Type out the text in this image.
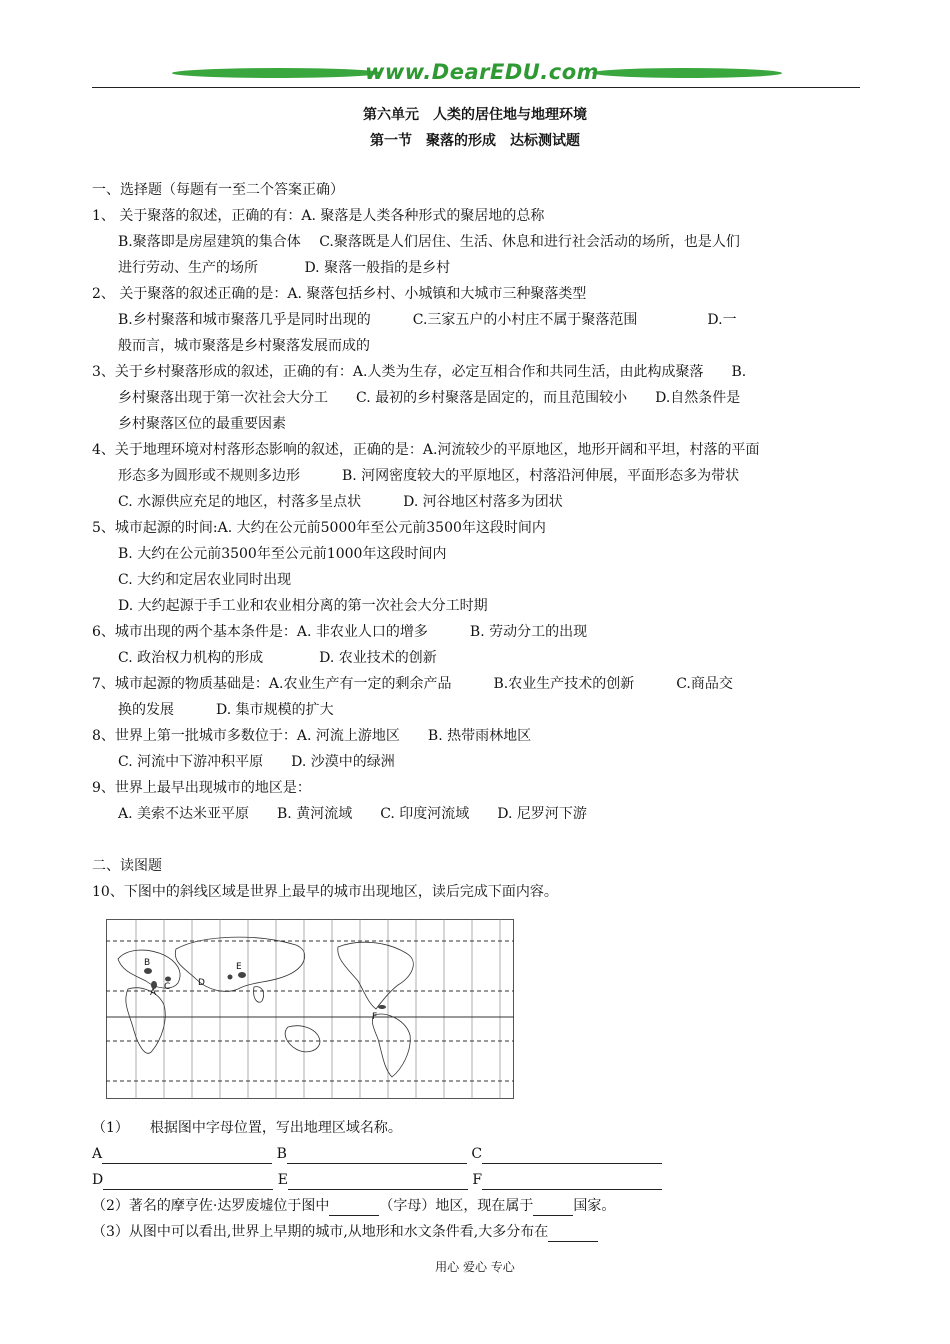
www.DearEDU.com
第六单元　人类的居住地与地理环境
第一节　聚落的形成　达标测试题
一、选择题（每题有一至二个答案正确）
1、 关于聚落的叙述，正确的有：A. 聚落是人类各种形式的聚居地的总称
B.聚落即是房屋建筑的集合体　 C.聚落既是人们居住、生活、休息和进行社会活动的场所，也是人们
进行劳动、生产的场所　　　 D. 聚落一般指的是乡村
2、 关于聚落的叙述正确的是：A. 聚落包括乡村、小城镇和大城市三种聚落类型
B.乡村聚落和城市聚落几乎是同时出现的　　　C.三家五户的小村庄不属于聚落范围　　　　　D.一
般而言，城市聚落是乡村聚落发展而成的
3、关于乡村聚落形成的叙述，正确的有：A.人类为生存，必定互相合作和共同生活，由此构成聚落　　B.
乡村聚落出现于第一次社会大分工　　C. 最初的乡村聚落是固定的，而且范围较小　　D.自然条件是
乡村聚落区位的最重要因素
4、关于地理环境对村落形态影响的叙述，正确的是：A.河流较少的平原地区，地形开阔和平坦，村落的平面
形态多为圆形或不规则多边形　　　B. 河网密度较大的平原地区，村落沿河伸展，平面形态多为带状
C. 水源供应充足的地区，村落多呈点状　　　D. 河谷地区村落多为团状
5、城市起源的时间:A. 大约在公元前5000年至公元前3500年这段时间内
B. 大约在公元前3500年至公元前1000年这段时间内
C. 大约和定居农业同时出现
D. 大约起源于手工业和农业相分离的第一次社会大分工时期
6、城市出现的两个基本条件是：A. 非农业人口的增多　　　B. 劳动分工的出现
C. 政治权力机构的形成　　　　D. 农业技术的创新
7、城市起源的物质基础是：A.农业生产有一定的剩余产品　　　B.农业生产技术的创新　　　C.商品交
换的发展　　　D. 集市规模的扩大
8、世界上第一批城市多数位于：A. 河流上游地区　　B. 热带雨林地区
C. 河流中下游冲积平原　　D. 沙漠中的绿洲
9、世界上最早出现城市的地区是：
A. 美索不达米亚平原　　B. 黄河流域　　C. 印度河流域　　D. 尼罗河下游
二、读图题
10、下图中的斜线区域是世界上最早的城市出现地区，读后完成下面内容。
A
B
C	D
E
F
（1）　　根据图中字母位置，写出地理区域名称。
A	B	C
D	E	F
（2）著名的摩亨佐·达罗废墟位于图中	（字母）地区，现在属于	国家。
（3）从图中可以看出,世界上早期的城市,从地形和水文条件看,大多分布在
用心 爱心 专心
